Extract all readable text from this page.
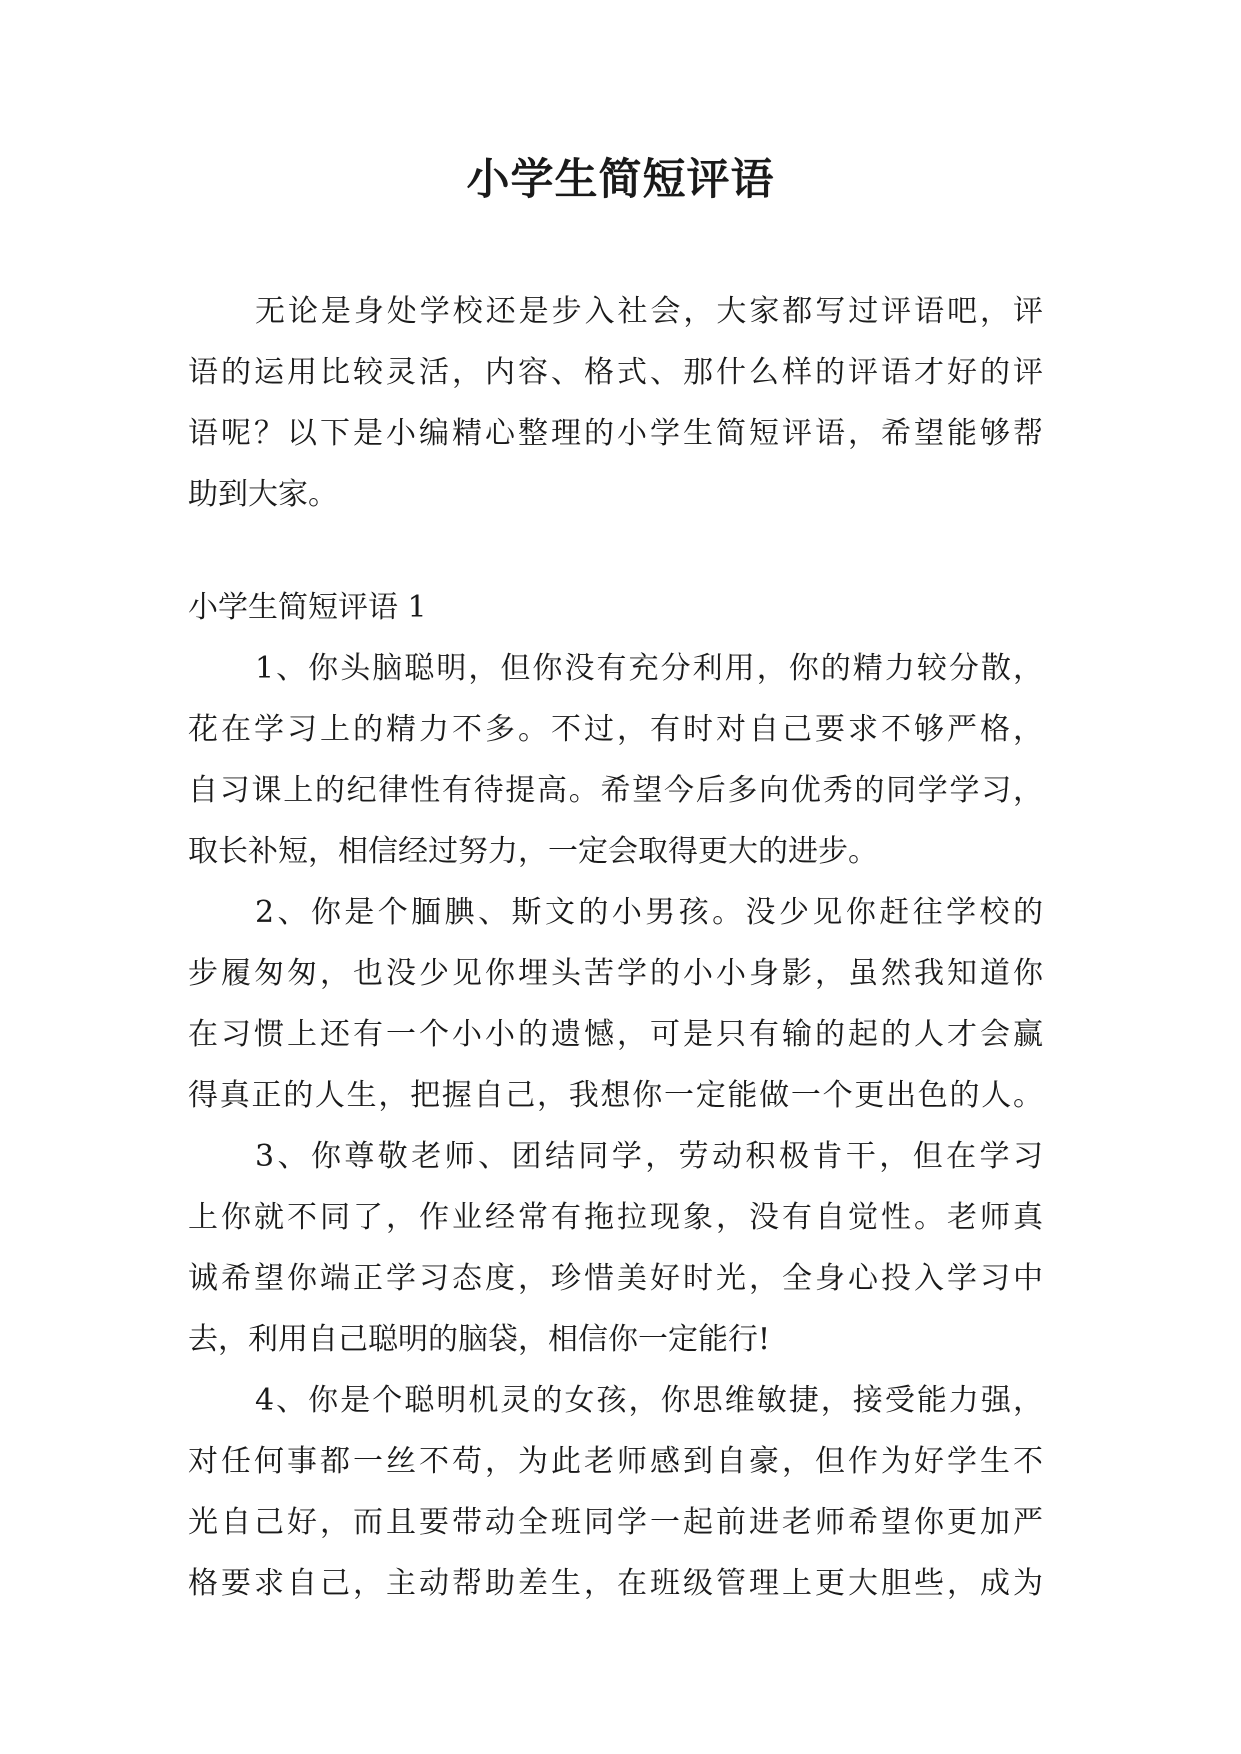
小学生简短评语
无论是身处学校还是步入社会，大家都写过评语吧，评
语的运用比较灵活，内容、格式、那什么样的评语才好的评
语呢？以下是小编精心整理的小学生简短评语，希望能够帮
助到大家。
小学生简短评语 1
1、你头脑聪明，但你没有充分利用，你的精力较分散，
花在学习上的精力不多。不过，有时对自己要求不够严格，
自习课上的纪律性有待提高。希望今后多向优秀的同学学习，
取长补短，相信经过努力，一定会取得更大的进步。
2、你是个腼腆、斯文的小男孩。没少见你赶往学校的
步履匆匆，也没少见你埋头苦学的小小身影，虽然我知道你
在习惯上还有一个小小的遗憾，可是只有输的起的人才会赢
得真正的人生，把握自己，我想你一定能做一个更出色的人。
3、你尊敬老师、团结同学，劳动积极肯干，但在学习
上你就不同了，作业经常有拖拉现象，没有自觉性。老师真
诚希望你端正学习态度，珍惜美好时光，全身心投入学习中
去，利用自己聪明的脑袋，相信你一定能行!
4、你是个聪明机灵的女孩，你思维敏捷，接受能力强，
对任何事都一丝不苟，为此老师感到自豪，但作为好学生不
光自己好，而且要带动全班同学一起前进老师希望你更加严
格要求自己，主动帮助差生，在班级管理上更大胆些，成为
